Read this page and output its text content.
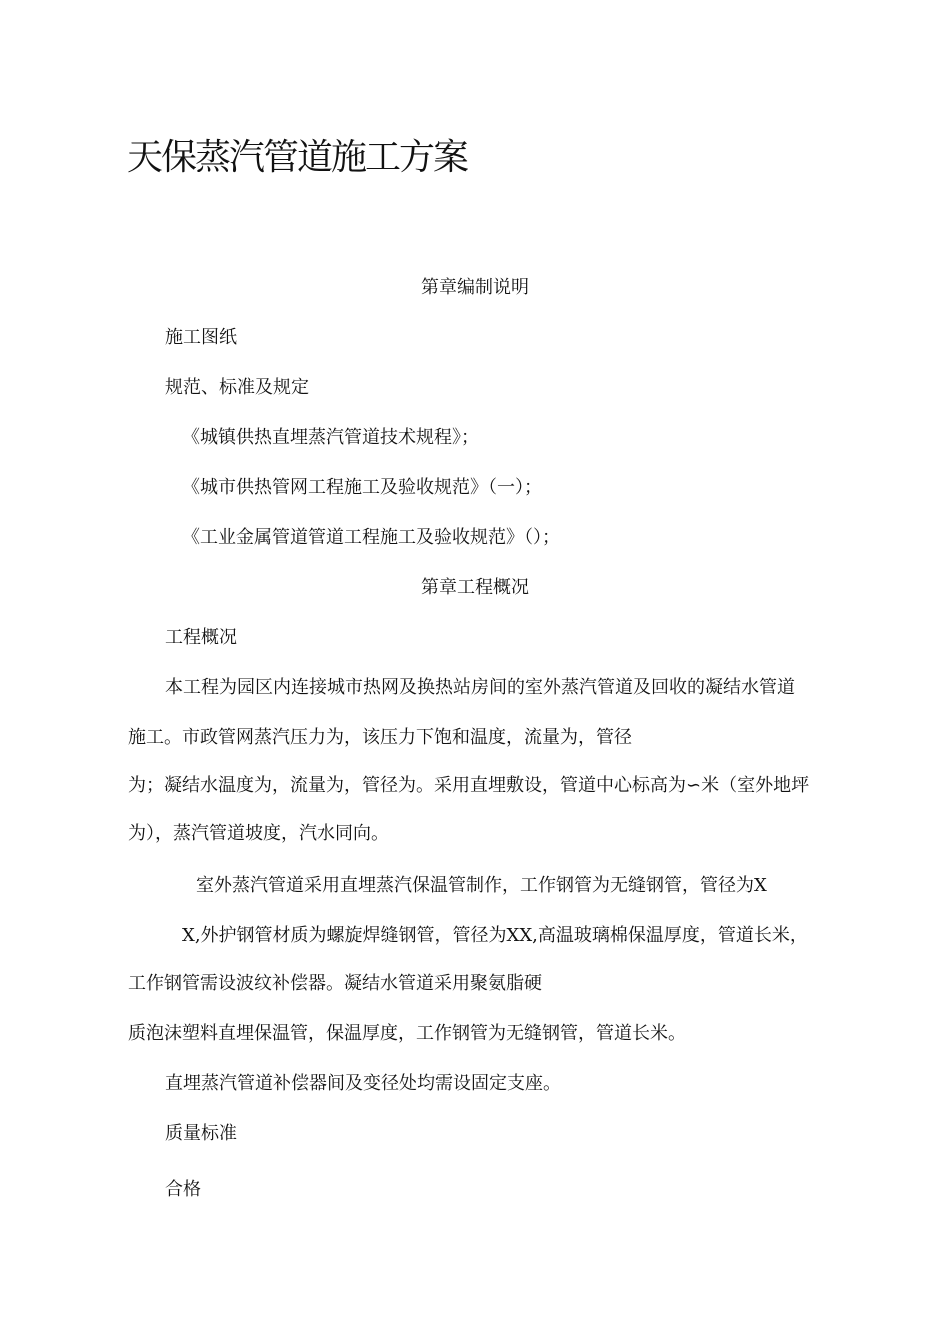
天保蒸汽管道施工方案

第章编制说明

施工图纸

规范、标准及规定

《城镇供热直埋蒸汽管道技术规程》；

《城市供热管网工程施工及验收规范》（一）；

《工业金属管道管道工程施工及验收规范》（）；

第章工程概况

工程概况

本工程为园区内连接城市热网及换热站房间的室外蒸汽管道及回收的凝结水管道

施工。市政管网蒸汽压力为，该压力下饱和温度，流量为，管径

为；凝结水温度为，流量为，管径为。采用直埋敷设，管道中心标高为∽米（室外地坪

为），蒸汽管道坡度，汽水同向。

室外蒸汽管道采用直埋蒸汽保温管制作，工作钢管为无缝钢管，管径为X

X,外护钢管材质为螺旋焊缝钢管，管径为XX,高温玻璃棉保温厚度，管道长米，

工作钢管需设波纹补偿器。凝结水管道采用聚氨脂硬

质泡沫塑料直埋保温管，保温厚度，工作钢管为无缝钢管，管道长米。

直埋蒸汽管道补偿器间及变径处均需设固定支座。

质量标准

合格
